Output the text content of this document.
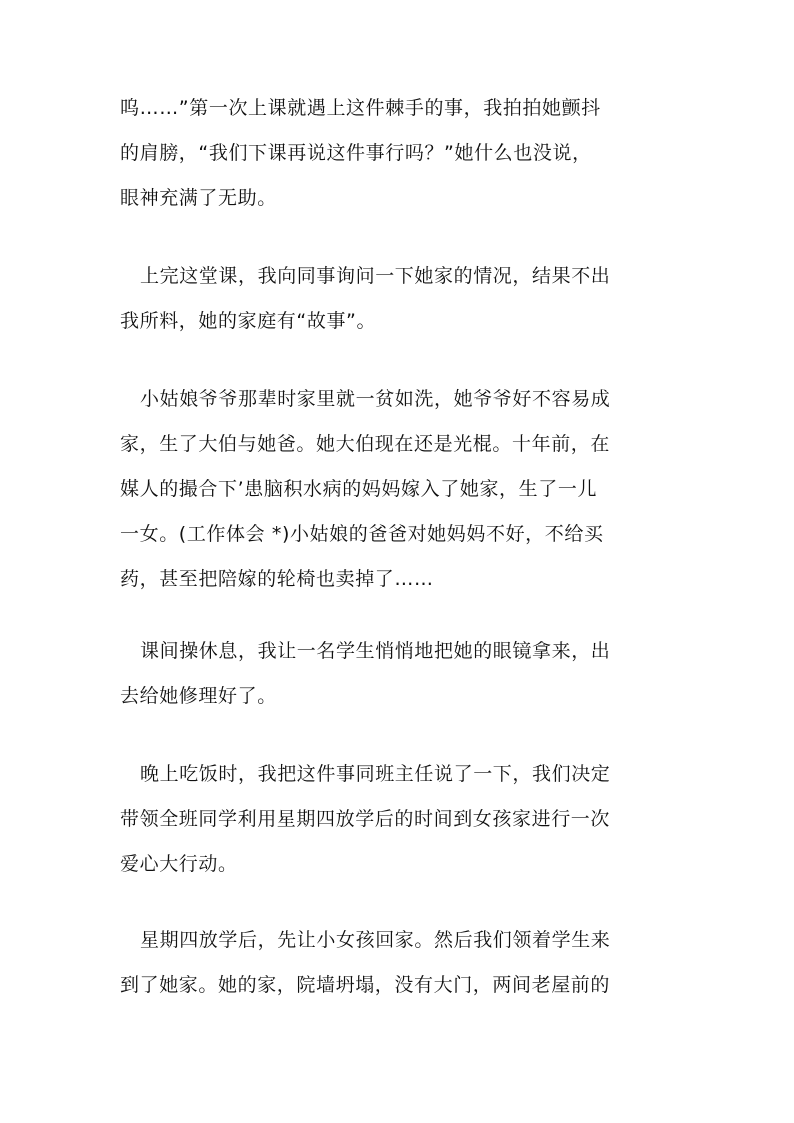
呜……”第一次上课就遇上这件棘手的事，我拍拍她颤抖
的肩膀，“我们下课再说这件事行吗？”她什么也没说，
眼神充满了无助。
上完这堂课，我向同事询问一下她家的情况，结果不出
我所料，她的家庭有“故事”。
小姑娘爷爷那辈时家里就一贫如洗，她爷爷好不容易成
家，生了大伯与她爸。她大伯现在还是光棍。十年前，在
媒人的撮合下’患脑积水病的妈妈嫁入了她家，生了一儿
一女。(工作体会 *)小姑娘的爸爸对她妈妈不好，不给买
药，甚至把陪嫁的轮椅也卖掉了……
课间操休息，我让一名学生悄悄地把她的眼镜拿来，出
去给她修理好了。
晚上吃饭时，我把这件事同班主任说了一下，我们决定
带领全班同学利用星期四放学后的时间到女孩家进行一次
爱心大行动。
星期四放学后，先让小女孩回家。然后我们领着学生来
到了她家。她的家，院墙坍塌，没有大门，两间老屋前的
